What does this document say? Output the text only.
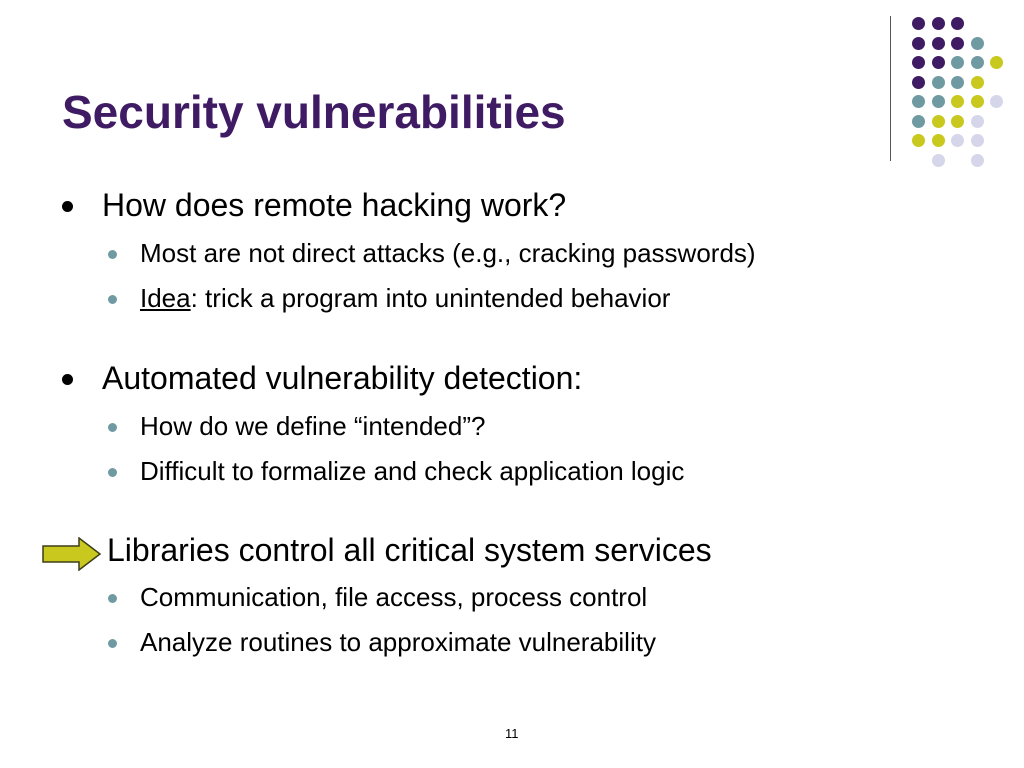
Security vulnerabilities
How does remote hacking work?
Most are not direct attacks (e.g., cracking passwords)
Idea: trick a program into unintended behavior
Automated vulnerability detection:
How do we define “intended”?
Difficult to formalize and check application logic
Libraries control all critical system services
Communication, file access, process control
Analyze routines to approximate vulnerability
11
